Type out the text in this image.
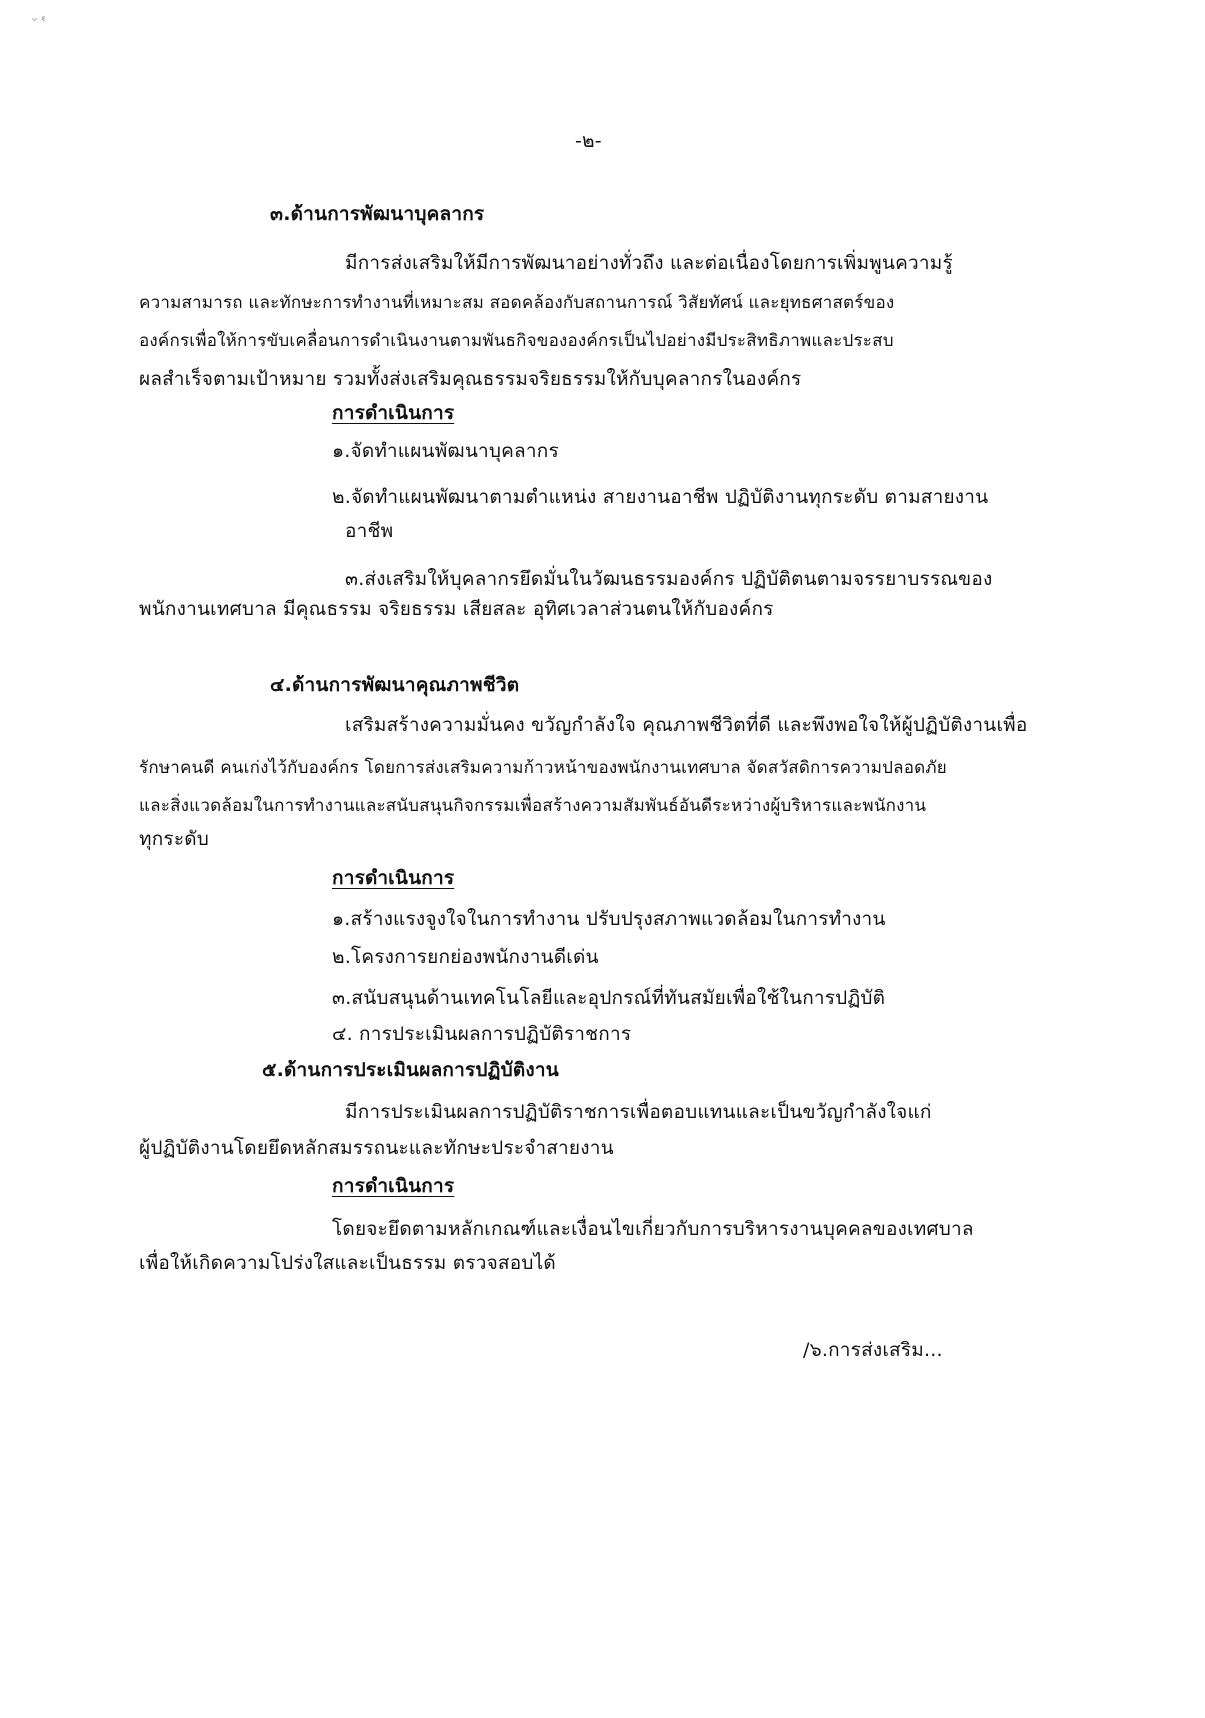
ᵕ ᵋ
-๒-
๓.ด้านการพัฒนาบุคลากร
มีการส่งเสริมให้มีการพัฒนาอย่างทั่วถึง และต่อเนื่องโดยการเพิ่มพูนความรู้
ความสามารถ และทักษะการทำงานที่เหมาะสม สอดคล้องกับสถานการณ์ วิสัยทัศน์ และยุทธศาสตร์ของ
องค์กรเพื่อให้การขับเคลื่อนการดำเนินงานตามพันธกิจขององค์กรเป็นไปอย่างมีประสิทธิภาพและประสบ
ผลสำเร็จตามเป้าหมาย รวมทั้งส่งเสริมคุณธรรมจริยธรรมให้กับบุคลากรในองค์กร
การดำเนินการ
๑.จัดทำแผนพัฒนาบุคลากร
๒.จัดทำแผนพัฒนาตามตำแหน่ง สายงานอาชีพ ปฏิบัติงานทุกระดับ ตามสายงาน
อาชีพ
๓.ส่งเสริมให้บุคลากรยึดมั่นในวัฒนธรรมองค์กร ปฏิบัติตนตามจรรยาบรรณของ
พนักงานเทศบาล มีคุณธรรม จริยธรรม เสียสละ อุทิศเวลาส่วนตนให้กับองค์กร
๔.ด้านการพัฒนาคุณภาพชีวิต
เสริมสร้างความมั่นคง ขวัญกำลังใจ คุณภาพชีวิตที่ดี และพึงพอใจให้ผู้ปฏิบัติงานเพื่อ
รักษาคนดี คนเก่งไว้กับองค์กร โดยการส่งเสริมความก้าวหน้าของพนักงานเทศบาล จัดสวัสดิการความปลอดภัย
และสิ่งแวดล้อมในการทำงานและสนับสนุนกิจกรรมเพื่อสร้างความสัมพันธ์อันดีระหว่างผู้บริหารและพนักงาน
ทุกระดับ
การดำเนินการ
๑.สร้างแรงจูงใจในการทำงาน ปรับปรุงสภาพแวดล้อมในการทำงาน
๒.โครงการยกย่องพนักงานดีเด่น
๓.สนับสนุนด้านเทคโนโลยีและอุปกรณ์ที่ทันสมัยเพื่อใช้ในการปฏิบัติ
๔. การประเมินผลการปฏิบัติราชการ
๕.ด้านการประเมินผลการปฏิบัติงาน
มีการประเมินผลการปฏิบัติราชการเพื่อตอบแทนและเป็นขวัญกำลังใจแก่
ผู้ปฏิบัติงานโดยยึดหลักสมรรถนะและทักษะประจำสายงาน
การดำเนินการ
โดยจะยึดตามหลักเกณฑ์และเงื่อนไขเกี่ยวกับการบริหารงานบุคคลของเทศบาล
เพื่อให้เกิดความโปร่งใสและเป็นธรรม ตรวจสอบได้
/๖.การส่งเสริม...
